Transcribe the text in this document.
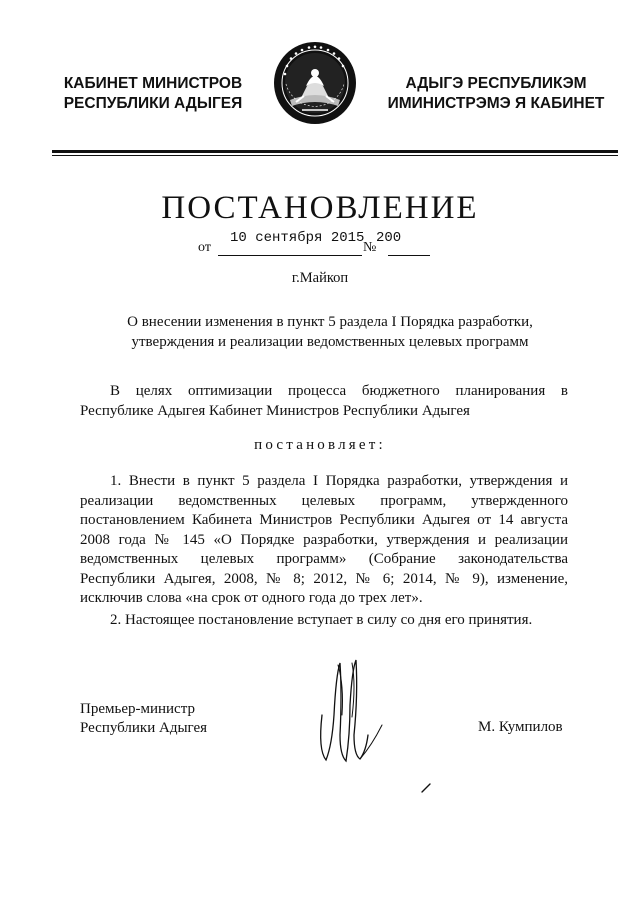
КАБИНЕТ МИНИСТРОВ
РЕСПУБЛИКИ АДЫГЕЯ
АДЫГЭ РЕСПУБЛИКЭМ
ИМИНИСТРЭМЭ Я КАБИНЕТ
ПОСТАНОВЛЕНИЕ
от
10 сентября 2015
№
200
г.Майкоп
О внесении изменения в пункт 5 раздела I Порядка разработки,
утверждения и реализации ведомственных целевых программ

В целях оптимизации процесса бюджетного планирования в Республике Адыгея Кабинет Министров Республики Адыгея

постановляет:

1. Внести в пункт 5 раздела I Порядка разработки, утверждения и реализации ведомственных целевых программ, утвержденного постановлением Кабинета Министров Республики Адыгея от 14 августа 2008 года № 145 «О Порядке разработки, утверждения и реализации ведомственных целевых программ» (Собрание законодательства Республики Адыгея, 2008, № 8; 2012, № 6; 2014, № 9), изменение, исключив слова «на срок от одного года до трех лет».

2. Настоящее постановление вступает в силу со дня его принятия.

Премьер-министр
Республики Адыгея	М. Кумпилов
